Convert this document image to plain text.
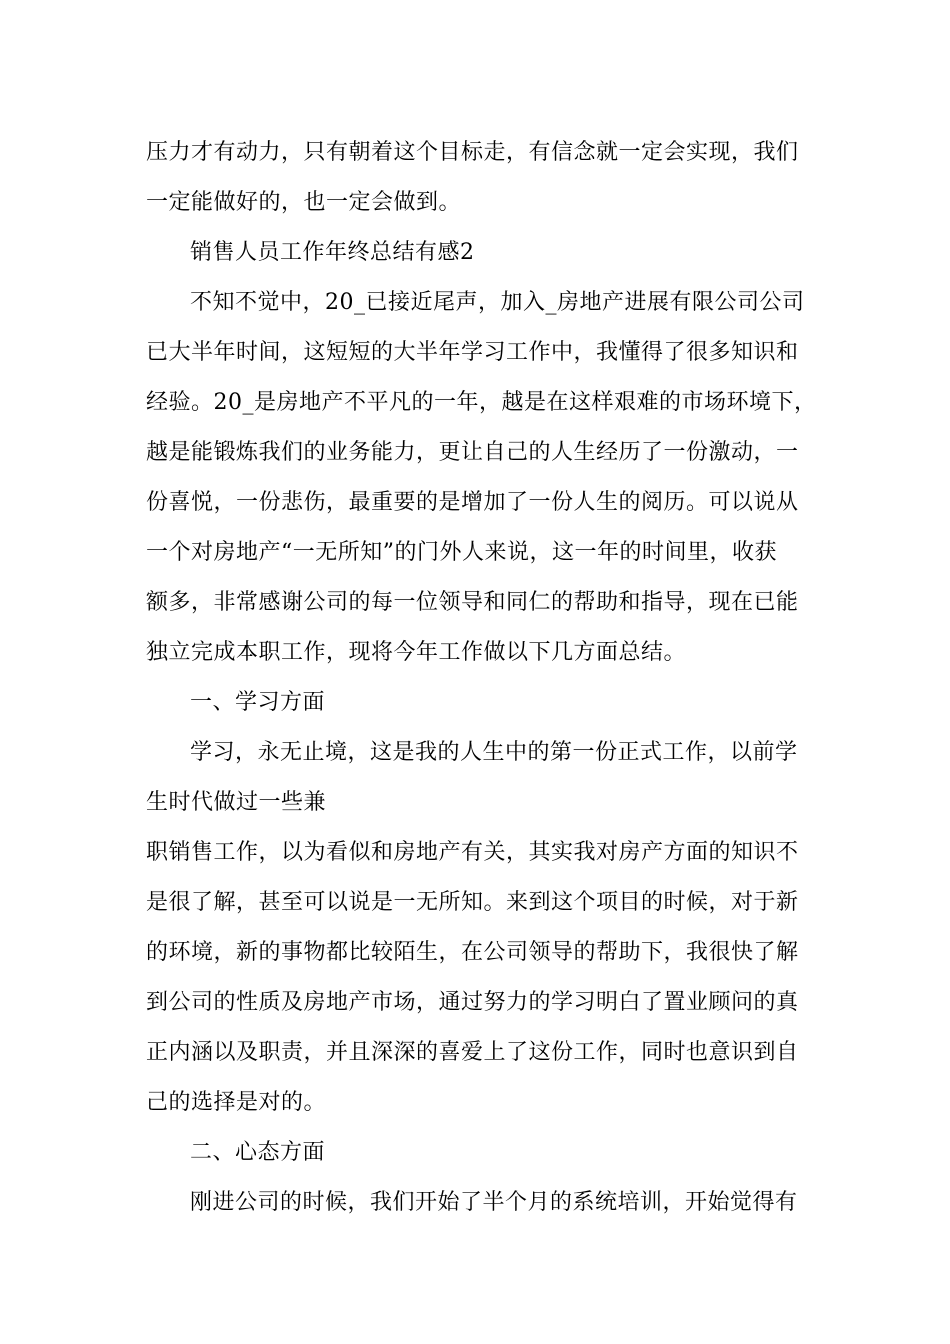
压力才有动力，只有朝着这个目标走，有信念就一定会实现，我们
一定能做好的，也一定会做到。
销售人员工作年终总结有感2
不知不觉中，20_已接近尾声，加入_房地产进展有限公司公司
已大半年时间，这短短的大半年学习工作中，我懂得了很多知识和
经验。20_是房地产不平凡的一年，越是在这样艰难的市场环境下，
越是能锻炼我们的业务能力，更让自己的人生经历了一份激动，一
份喜悦，一份悲伤，最重要的是增加了一份人生的阅历。可以说从
一个对房地产“一无所知”的门外人来说，这一年的时间里，收获
额多，非常感谢公司的每一位领导和同仁的帮助和指导，现在已能
独立完成本职工作，现将今年工作做以下几方面总结。
一、学习方面
学习，永无止境，这是我的人生中的第一份正式工作，以前学
生时代做过一些兼
职销售工作，以为看似和房地产有关，其实我对房产方面的知识不
是很了解，甚至可以说是一无所知。来到这个项目的时候，对于新
的环境，新的事物都比较陌生，在公司领导的帮助下，我很快了解
到公司的性质及房地产市场，通过努力的学习明白了置业顾问的真
正内涵以及职责，并且深深的喜爱上了这份工作，同时也意识到自
己的选择是对的。
二、心态方面
刚进公司的时候，我们开始了半个月的系统培训，开始觉得有
